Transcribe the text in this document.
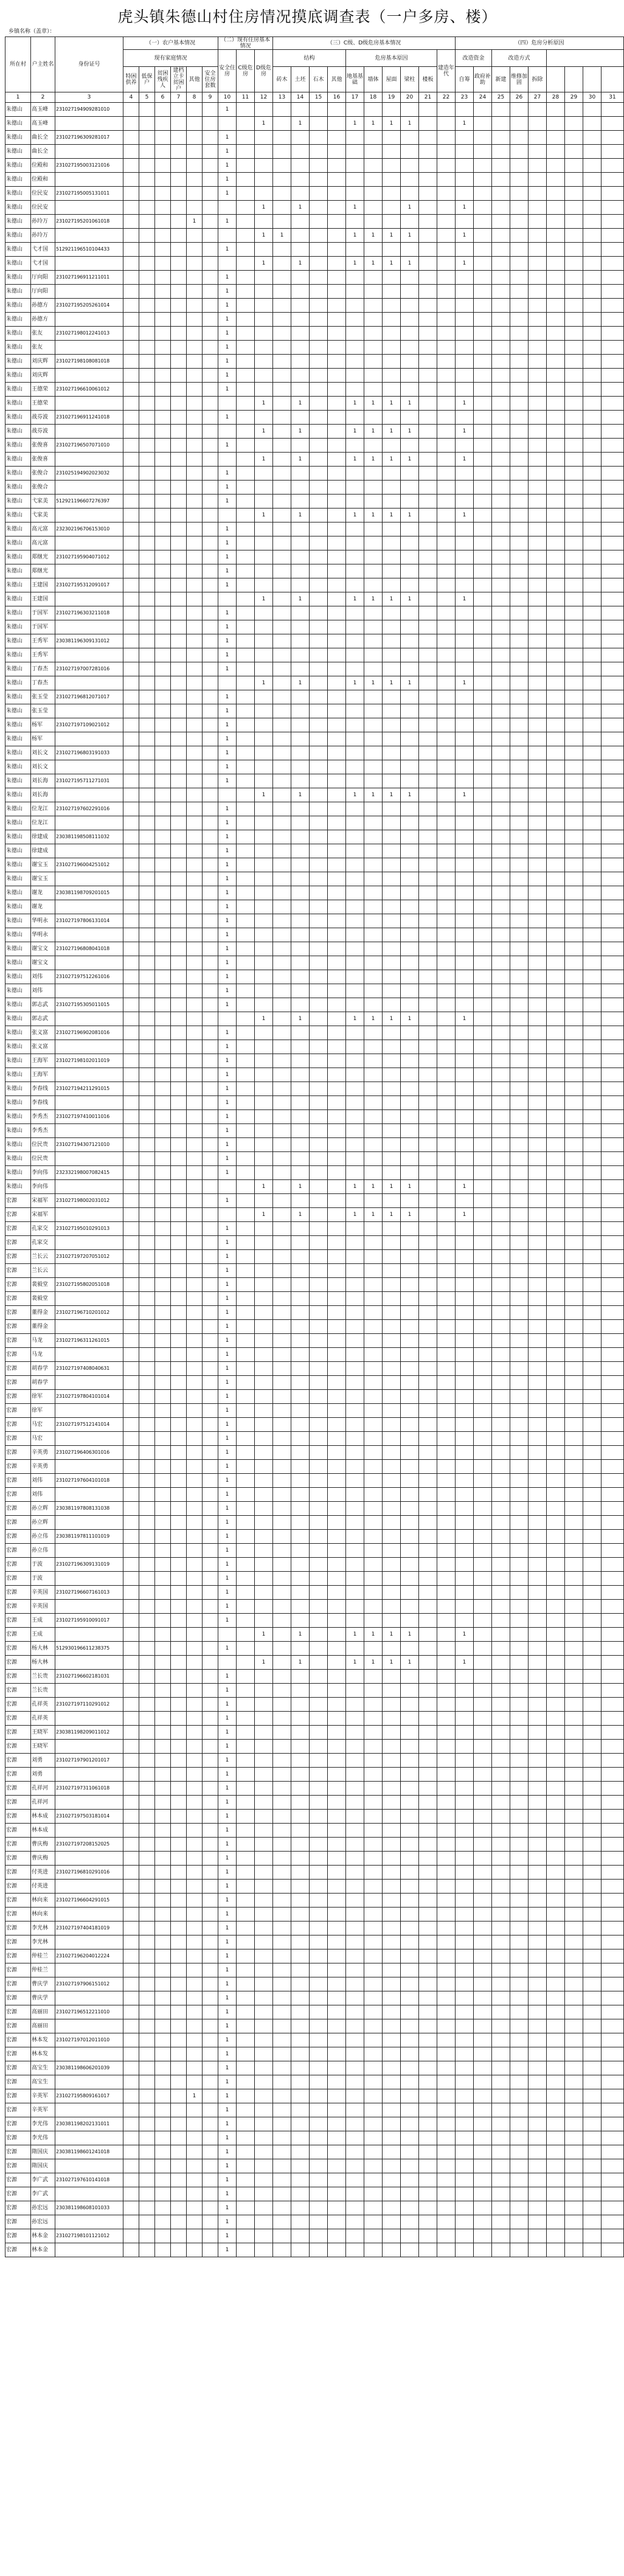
虎头镇朱德山村住房情况摸底调查表（一户多房、楼）
乡镇名称（盖章）：
所在村	户主姓名	身份证号	（一）农户基本情况						（二）现有住房基本情况			（三）C级、D级危房基本情况										（四）危房分析原因									
			现有家庭情况						安全住房	C级危房	D级危房	结构				危房基本原因					建造年代	改造资金		改造方式		
			特困供养	低保户	贫困残疾人	建档立卡贫困户	其他	安全住房套数				砖木	土坯	石木	其他	地基基础	墙体	屋面	梁柱	楼板		自筹	政府补助	新建	维修加固	拆除					
1	2	3	4	5	6	7	8	9	10	11	12	13	14	15	16	17	18	19	20	21	22	23	24	25	26	27	28	29	30	31	
朱德山	高玉峰	231027194909281010							1																						
朱德山	高玉峰										1		1			1	1	1	1			1									
朱德山	曲长全	231027196309281017							1																						
朱德山	曲长全								1																						
朱德山	位殿和	231027195003121016							1																						
朱德山	位殿和								1																						
朱德山	位民安	231027195005131011							1																						
朱德山	位民安										1		1			1			1			1									
朱德山	孙玲万	231027195201061018					1		1																						
朱德山	孙玲万										1	1				1	1	1	1			1									
朱德山	弋才国	512921196510104433							1																						
朱德山	弋才国										1		1			1	1	1	1			1									
朱德山	厅向阳	231027196911211011							1																						
朱德山	厅向阳								1																						
朱德山	孙德方	231027195205261014							1																						
朱德山	孙德方								1																						
朱德山	张友	231027198012241013							1																						
朱德山	张友								1																						
朱德山	刘庆辉	231027198108081018							1																						
朱德山	刘庆辉								1																						
朱德山	王德荣	231027196610061012							1																						
朱德山	王德荣										1		1			1	1	1	1			1									
朱德山	战芬波	231027196911241018							1																						
朱德山	战芬波										1		1			1	1	1	1			1									
朱德山	张俊喜	231027196507071010							1																						
朱德山	张俊喜										1		1			1	1	1	1			1									
朱德山	张俊合	231025194902023032							1																						
朱德山	张俊合								1																						
朱德山	弋家美	512921196607276397							1																						
朱德山	弋家美										1		1			1	1	1	1			1									
朱德山	高元富	232302196706153010							1																						
朱德山	高元富								1																						
朱德山	郑继光	231027195904071012							1																						
朱德山	郑继光								1																						
朱德山	王建国	231027195312091017							1																						
朱德山	王建国										1		1			1	1	1	1			1									
朱德山	于国军	231027196303211018							1																						
朱德山	于国军								1																						
朱德山	王秀军	230381196309131012							1																						
朱德山	王秀军								1																						
朱德山	丁春杰	231027197007281016							1																						
朱德山	丁春杰										1		1			1	1	1	1			1									
朱德山	张玉莹	231027196812071017							1																						
朱德山	张玉莹								1																						
朱德山	杨军	231027197109021012							1																						
朱德山	杨军								1																						
朱德山	刘长文	231027196803191033							1																						
朱德山	刘长文								1																						
朱德山	刘长海	231027195711271031							1																						
朱德山	刘长海										1		1			1	1	1	1			1									
朱德山	位龙江	231027197602291016							1																						
朱德山	位龙江								1																						
朱德山	徐建成	230381198508111032							1																						
朱德山	徐建成								1																						
朱德山	谢宝玉	231027196004251012							1																						
朱德山	谢宝玉								1																						
朱德山	谢龙	230381198709201015							1																						
朱德山	谢龙								1																						
朱德山	华明永	231027197806131014							1																						
朱德山	华明永								1																						
朱德山	谢宝文	231027196808041018							1																						
朱德山	谢宝文								1																						
朱德山	刘伟	231027197512261016							1																						
朱德山	刘伟								1																						
朱德山	郭志武	231027195305011015							1																						
朱德山	郭志武										1		1			1	1	1	1			1									
朱德山	张义富	231027196902081016							1																						
朱德山	张义富								1																						
朱德山	王海军	231027198102011019							1																						
朱德山	王海军								1																						
朱德山	李春线	231027194211291015							1																						
朱德山	李春线								1																						
朱德山	李秀杰	231027197410011016							1																						
朱德山	李秀杰								1																						
朱德山	位民贵	231027194307121010							1																						
朱德山	位民贵								1																						
朱德山	李向伟	232332198007082415							1																						
朱德山	李向伟										1		1			1	1	1	1			1									
宏源	宋福军	231027198002031012							1																						
宏源	宋福军										1		1			1	1	1	1			1									
宏源	孔家交	231027195010291013							1																						
宏源	孔家交								1																						
宏源	兰长云	231027197207051012							1																						
宏源	兰长云								1																						
宏源	裴毅堂	231027195802051018							1																						
宏源	裴毅堂								1																						
宏源	董得金	231027196710201012							1																						
宏源	董得金								1																						
宏源	马龙	231027196311261015							1																						
宏源	马龙								1																						
宏源	胡春学	231027197408040631							1																						
宏源	胡春学								1																						
宏源	徐军	231027197804101014							1																						
宏源	徐军								1																						
宏源	马宏	231027197512141014							1																						
宏源	马宏								1																						
宏源	辛英勇	231027196406301016							1																						
宏源	辛英勇								1																						
宏源	刘伟	231027197604101018							1																						
宏源	刘伟								1																						
宏源	孙立辉	230381197808131038							1																						
宏源	孙立辉								1																						
宏源	孙立伟	230381197811101019							1																						
宏源	孙立伟								1																						
宏源	于波	231027196309131019							1																						
宏源	于波								1																						
宏源	辛英国	231027196607161013							1																						
宏源	辛英国								1																						
宏源	王成	231027195910091017							1																						
宏源	王成										1		1			1	1	1	1			1									
宏源	杨大林	512930196611238375							1																						
宏源	杨大林										1		1			1	1	1	1			1									
宏源	兰长贵	231027196602181031							1																						
宏源	兰长贵								1																						
宏源	孔祥英	231027197110291012							1																						
宏源	孔祥英								1																						
宏源	王晓军	230381198209011012							1																						
宏源	王晓军								1																						
宏源	刘勇	231027197901201017							1																						
宏源	刘勇								1																						
宏源	孔祥河	231027197311061018							1																						
宏源	孔祥河								1																						
宏源	林本成	231027197503181014							1																						
宏源	林本成								1																						
宏源	曹庆梅	231027197208152025							1																						
宏源	曹庆梅								1																						
宏源	付英进	231027196810291016							1																						
宏源	付英进								1																						
宏源	林向来	231027196604291015							1																						
宏源	林向来								1																						
宏源	李光林	231027197404181019							1																						
宏源	李光林								1																						
宏源	仲桂兰	231027196204012224							1																						
宏源	仲桂兰								1																						
宏源	曹庆学	231027197906151012							1																						
宏源	曹庆学								1																						
宏源	高丽田	231027196512211010							1																						
宏源	高丽田								1																						
宏源	林本发	231027197012011010							1																						
宏源	林本发								1																						
宏源	高宝生	230381198606201039							1																						
宏源	高宝生								1																						
宏源	辛英军	231027195809161017					1		1																						
宏源	辛英军								1																						
宏源	李光伟	230381198202131011							1																						
宏源	李光伟								1																						
宏源	隋国庆	230381198601241018							1																						
宏源	隋国庆								1																						
宏源	李广武	231027197610141018							1																						
宏源	李广武								1																						
宏源	孙宏远	230381198608101033							1																						
宏源	孙宏远								1																						
宏源	林本金	231027198101121012							1																						
宏源	林本金								1																						
